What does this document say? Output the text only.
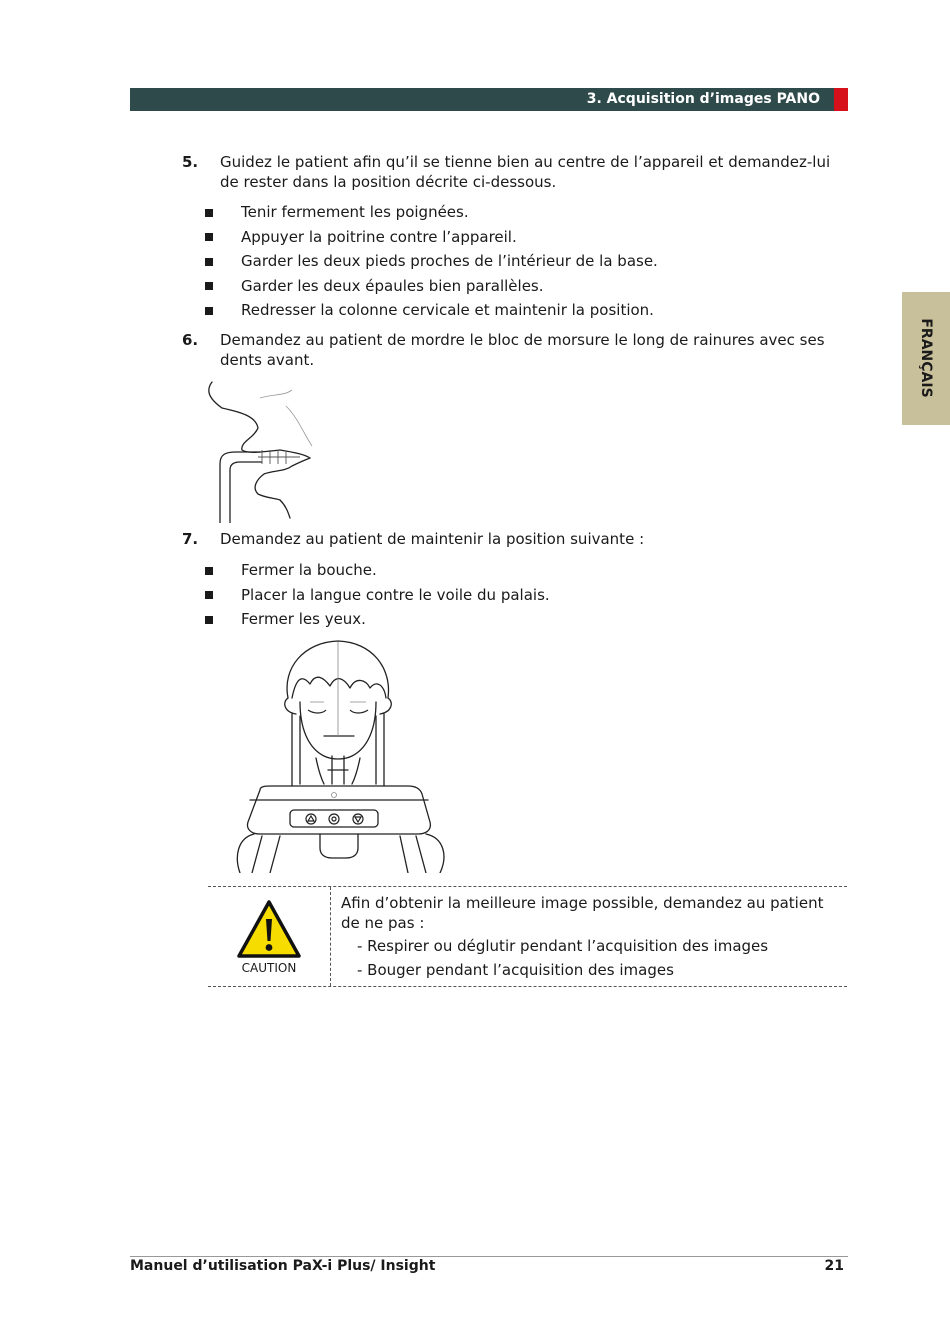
3. Acquisition d’images PANO
FRANÇAIS
5. Guidez le patient afin qu’il se tienne bien au centre de l’appareil et demandez-lui de rester dans la position décrite ci-dessous.
Tenir fermement les poignées.
Appuyer la poitrine contre l’appareil.
Garder les deux pieds proches de l’intérieur de la base.
Garder les deux épaules bien parallèles.
Redresser la colonne cervicale et maintenir la position.
6. Demandez au patient de mordre le bloc de morsure le long de rainures avec ses dents avant.
7. Demandez au patient de maintenir la position suivante :
Fermer la bouche.
Placer la langue contre le voile du palais.
Fermer les yeux.
CAUTION
Afin d’obtenir la meilleure image possible, demandez au patient de ne pas :
- Respirer ou déglutir pendant l’acquisition des images
- Bouger pendant l’acquisition des images
Manuel d’utilisation PaX-i Plus/ Insight	21
